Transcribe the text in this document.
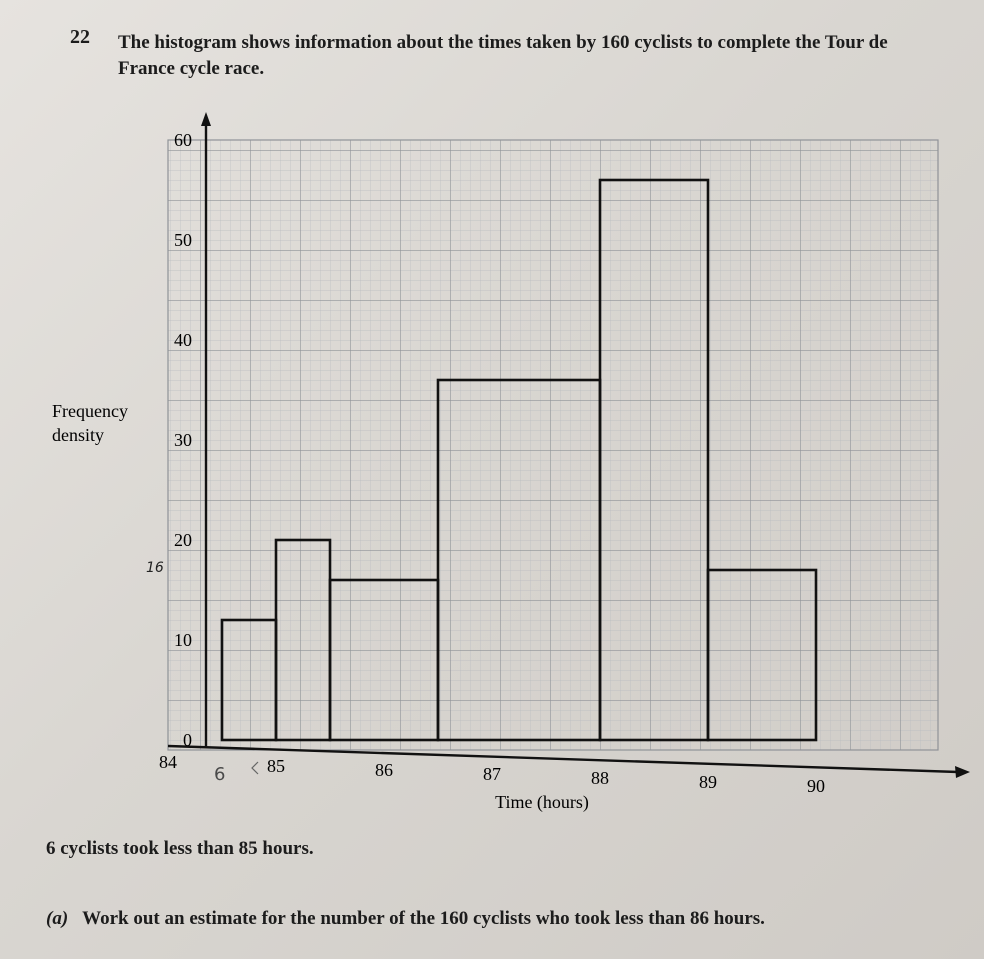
22 The histogram shows information about the times taken by 160 cyclists to complete the Tour de France cycle race.
0
10
20
30
40
50
60
84	85	86	87	88	89	90
Frequency
density
Time (hours)
16
6
6 cyclists took less than 85 hours.
(a) Work out an estimate for the number of the 160 cyclists who took less than 86 hours.
